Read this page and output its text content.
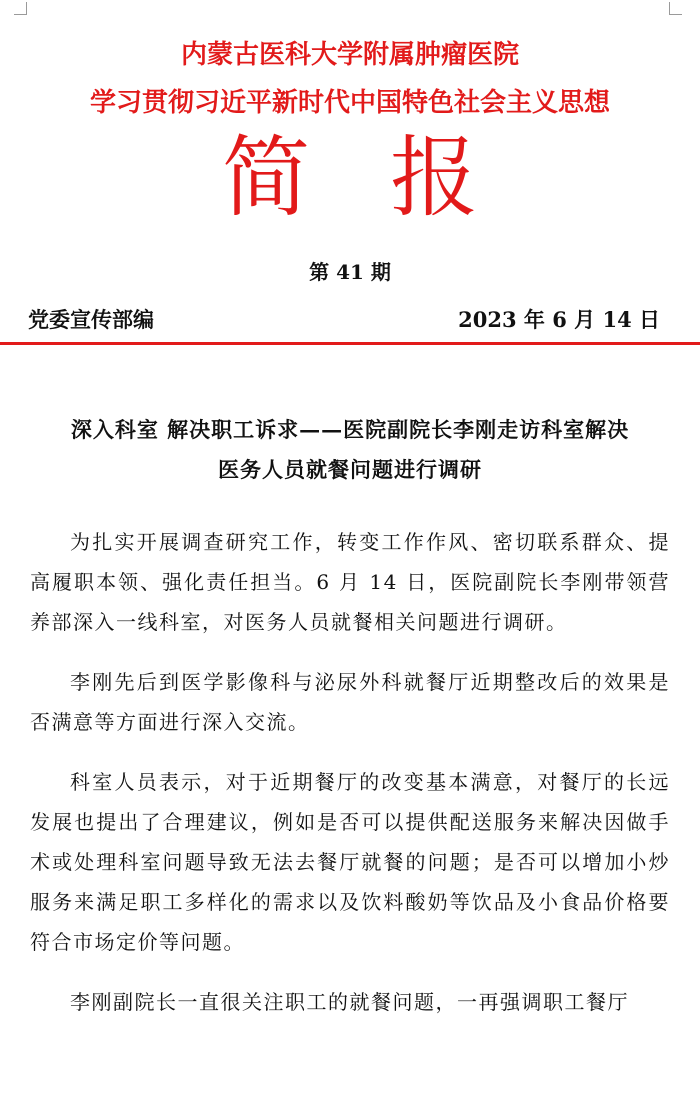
内蒙古医科大学附属肿瘤医院
学习贯彻习近平新时代中国特色社会主义思想
简报
第 41 期
党委宣传部编	2023 年 6 月 14 日
深入科室 解决职工诉求——医院副院长李刚走访科室解决
医务人员就餐问题进行调研

为扎实开展调查研究工作，转变工作作风、密切联系群众、提高履职本领、强化责任担当。6 月 14 日，医院副院长李刚带领营养部深入一线科室，对医务人员就餐相关问题进行调研。

李刚先后到医学影像科与泌尿外科就餐厅近期整改后的效果是否满意等方面进行深入交流。

科室人员表示，对于近期餐厅的改变基本满意，对餐厅的长远发展也提出了合理建议，例如是否可以提供配送服务来解决因做手术或处理科室问题导致无法去餐厅就餐的问题；是否可以增加小炒服务来满足职工多样化的需求以及饮料酸奶等饮品及小食品价格要符合市场定价等问题。

李刚副院长一直很关注职工的就餐问题，一再强调职工餐厅
